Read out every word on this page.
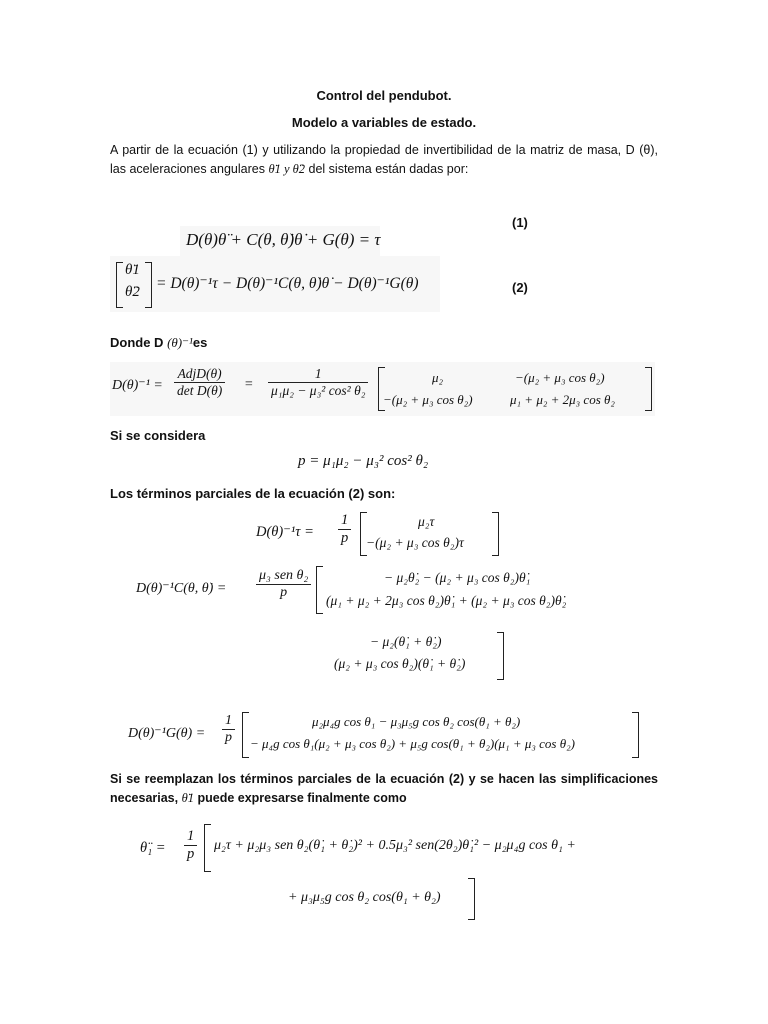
Control del pendubot.
Modelo a variables de estado.
A partir de la ecuación (1) y utilizando la propiedad de invertibilidad de la matriz de masa, D (θ), las aceleraciones angulares θ̈1 y θ̈2 del sistema están dadas por:
D(θ)θ̈ + C(θ, θ̇)θ̇ + G(θ) = τ
(1)
θ̈1
θ̈2 = D(θ)⁻¹τ − D(θ)⁻¹C(θ, θ̇)θ̇ − D(θ)⁻¹G(θ)	(2)
Donde D (θ)⁻¹es
$D(\theta)^{-1} = \frac{\text{AdjD(θ)}}{\text{det D(θ)}} = \frac{1}{\text{μ₁μ₂ − μ₃² cos² θ₂}}$	μ₂	−(μ₂ + μ₃ cos θ₂)
−(μ₂ + μ₃ cos θ₂)	μ₁ + μ₂ + 2μ₃ cos θ₂
Si se considera
p = μ₁μ₂ − μ₃² cos² θ₂
Los términos parciales de la ecuación (2) son:
$D(\theta)^{-1}\tau = \frac{1}{p}$	μ₂τ
−(μ₂ + μ₃ cos θ₂)τ
D(θ)⁻¹C(θ, θ̇) = $\frac{\text{μ₃ sen θ₂}}{p}$	− μ₂θ̇₂ − (μ₂ + μ₃ cos θ₂)θ̇₁
(μ₁ + μ₂ + 2μ₃ cos θ₂)θ̇₁ + (μ₂ + μ₃ cos θ₂)θ̇₂
− μ₂(θ̇₁ + θ̇₂)
(μ₂ + μ₃ cos θ₂)(θ̇₁ + θ̇₂)
$D(\theta)^{-1}G(\theta) = \frac{1}{p}$	μ₂μ₄g cos θ₁ − μ₃μ₅g cos θ₂ cos(θ₁ + θ₂)
− μ₄g cos θ₁(μ₂ + μ₃ cos θ₂) + μ₅g cos(θ₁ + θ₂)(μ₁ + μ₃ cos θ₂)
Si se reemplazan los términos parciales de la ecuación (2) y se hacen las simplificaciones necesarias, θ̈1 puede expresarse finalmente como
θ̈₁ = $\frac{1}{p} \mu_2\tau + \mu_2\mu_3$ sen θ₂(θ̇₁ + θ̇₂)² + 0.5μ₃² sen(2θ₂)θ̇₁² − μ₂μ₄g cos θ₁ +
+ μ₃μ₅g cos θ₂ cos(θ₁ + θ₂)
